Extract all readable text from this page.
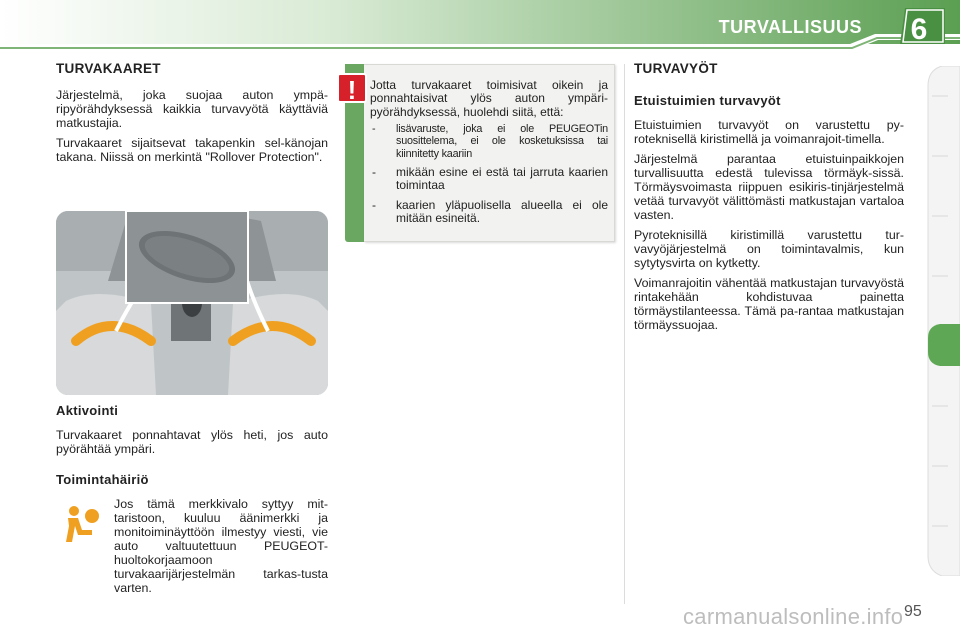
TURVALLISUUS	6
TURVAKAARET

Järjestelmä, joka suojaa auton ympä-ripyörähdyksessä kaikkia turvavyötä käyttäviä matkustajia.

Turvakaaret sijaitsevat takapenkin sel-känojan takana. Niissä on merkintä "Rollover Protection".

Aktivointi

Turvakaaret ponnahtavat ylös heti, jos auto pyörähtää ympäri.

Toimintahäiriö

Jos tämä merkkivalo syttyy mit-taristoon, kuuluu äänimerkki ja monitoiminäyttöön ilmestyy viesti, vie auto valtuutettuun PEUGEOT-huoltokorjaamoon turvakaarijärjestelmän tarkas-tusta varten.

Jotta turvakaaret toimisivat oikein ja ponnahtaisivat ylös auton ympäri-pyörähdyksessä, huolehdi siitä, että:

- lisävaruste, joka ei ole PEUGEOTin suosittelema, ei ole kosketuksissa tai kiinnitetty kaariin
- mikään esine ei estä tai jarruta kaarien toimintaa
- kaarien yläpuolisella alueella ei ole mitään esineitä.
!
TURVAVYÖT
Etuistuimien turvavyöt

Etuistuimien turvavyöt on varustettu py-roteknisellä kiristimellä ja voimanrajoit-timella.

Järjestelmä parantaa etuistuinpaikkojen turvallisuutta edestä tulevissa törmäyk-sissä. Törmäysvoimasta riippuen esikiris-tinjärjestelmä vetää turvavyöt välittömästi matkustajan vartaloa vasten.

Pyroteknisillä kiristimillä varustettu tur-vavyöjärjestelmä on toimintavalmis, kun sytytysvirta on kytketty.

Voimanrajoitin vähentää matkustajan turvavyöstä rintakehään kohdistuvaa painetta törmäystilanteessa. Tämä pa-rantaa matkustajan törmäyssuojaa.

carmanualsonline.info 95
